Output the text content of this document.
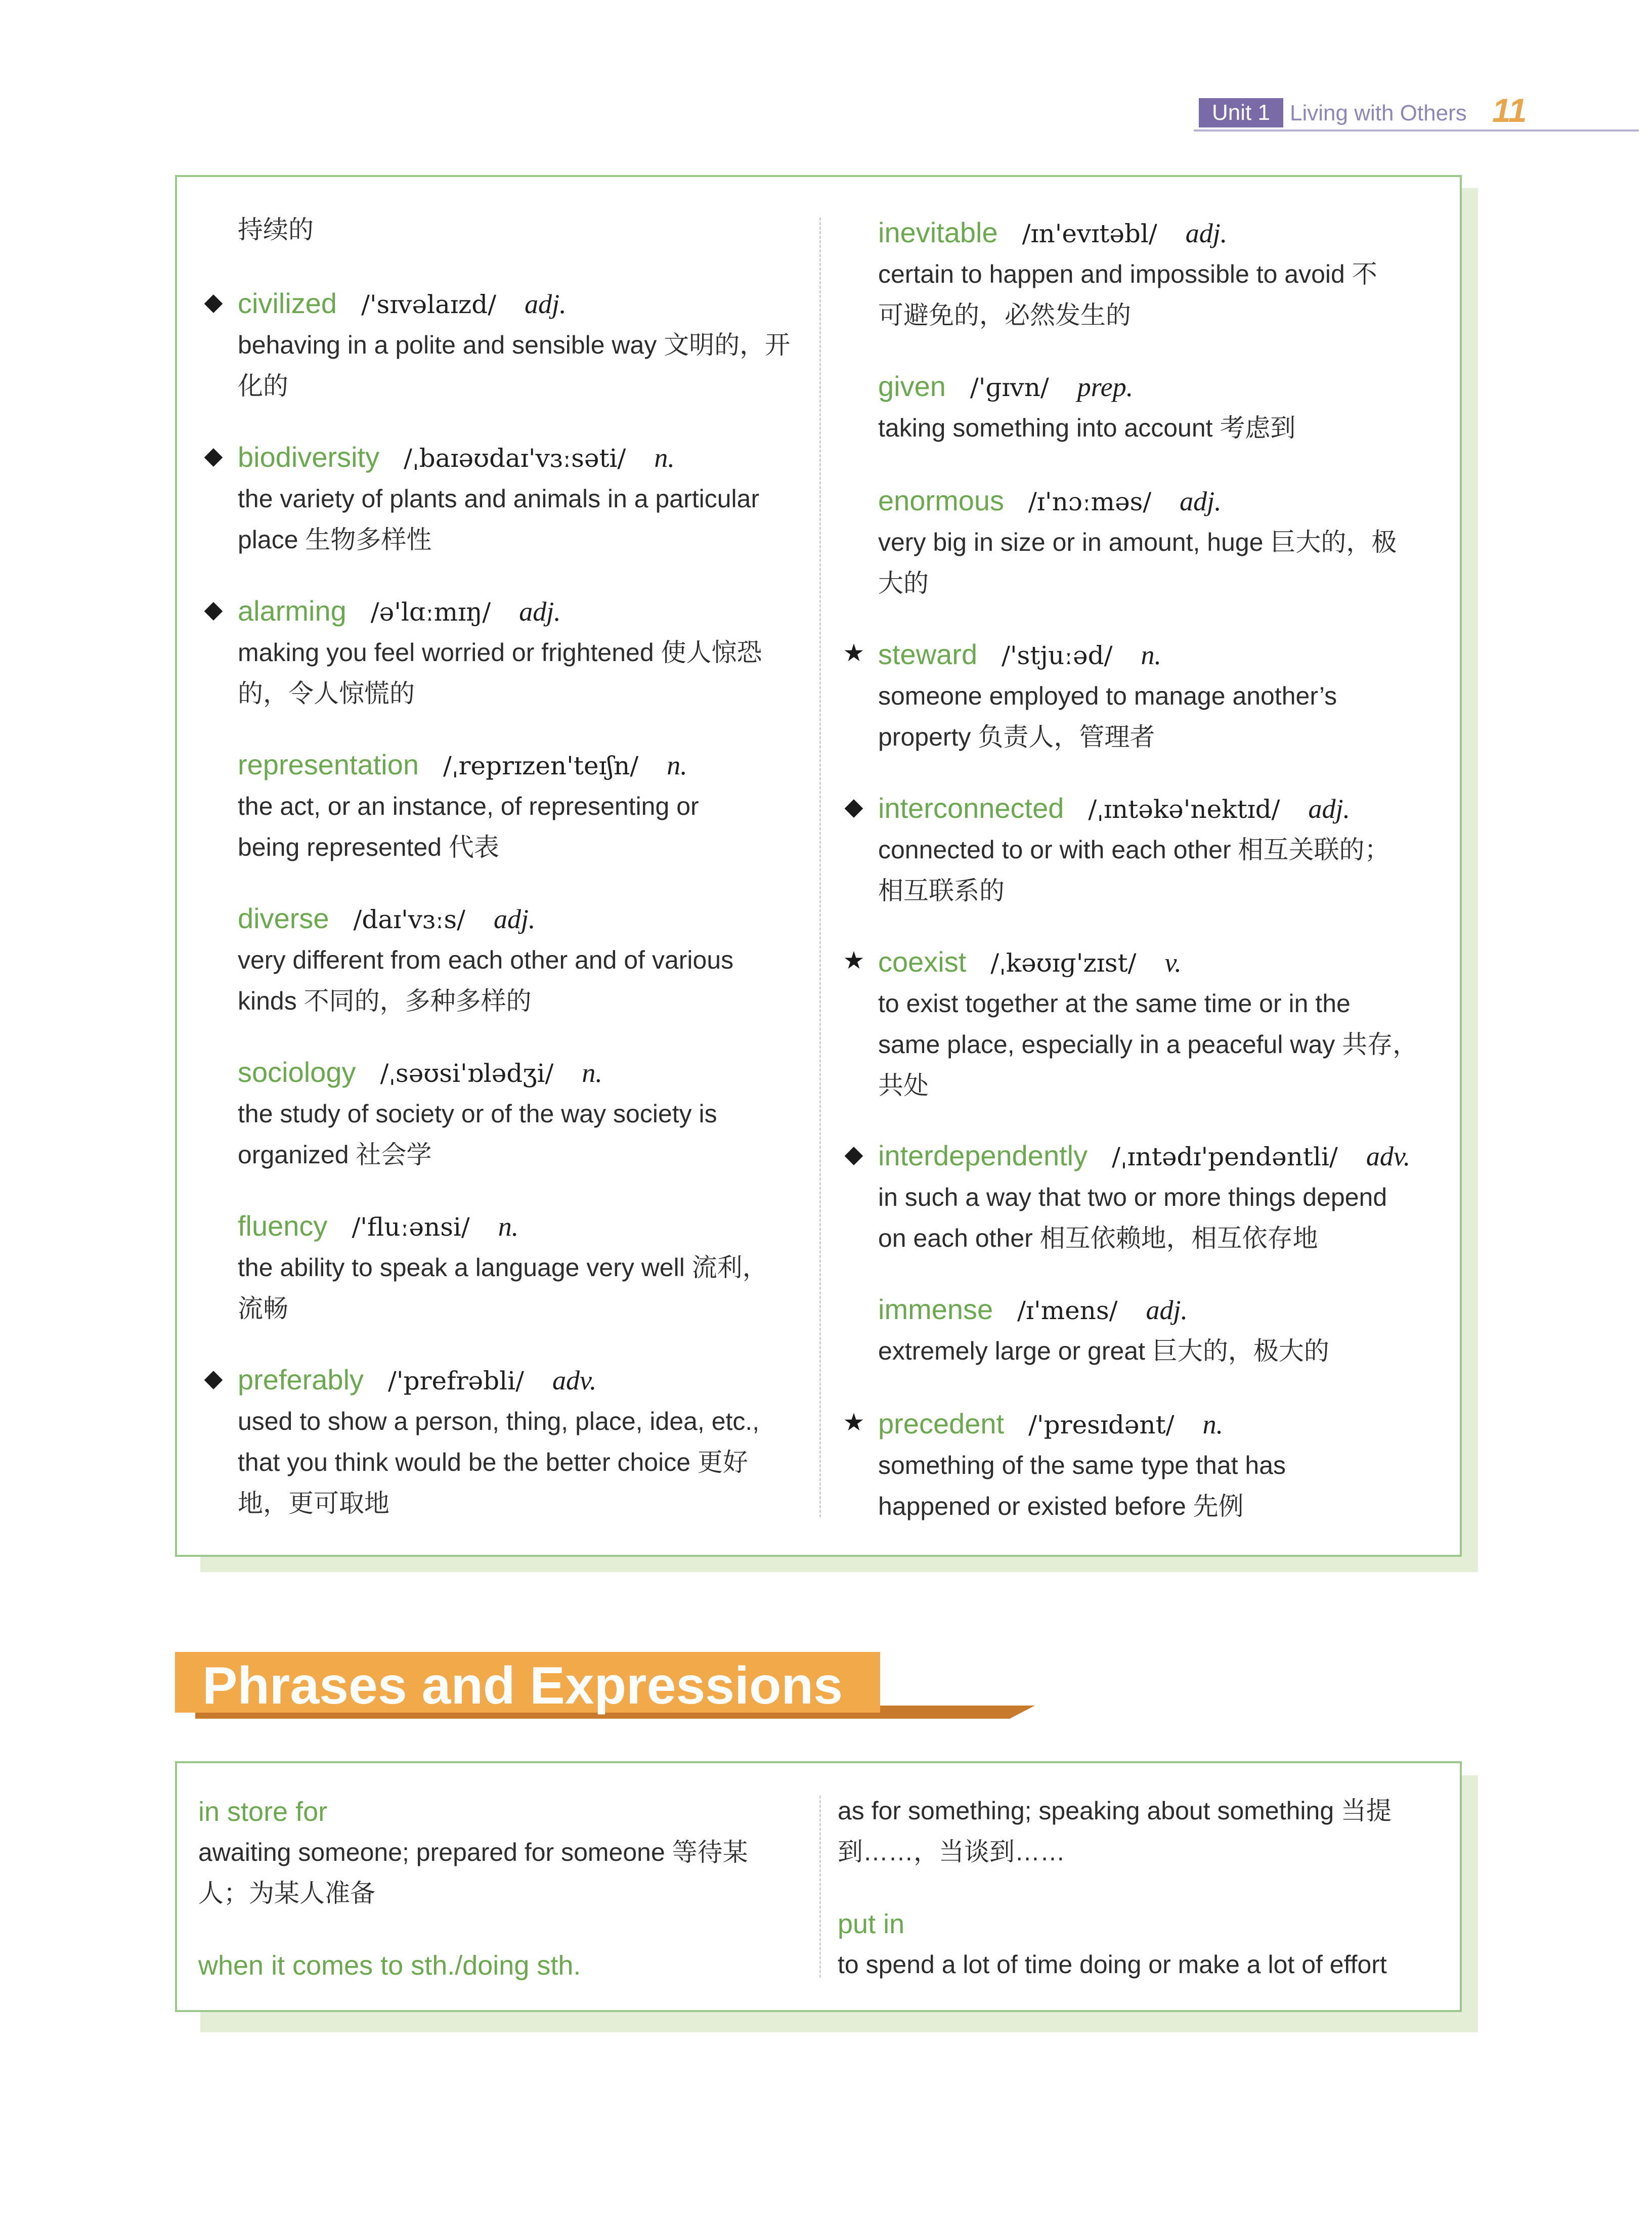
Unit 1 Living with Others 11
持续的
◆ civilized /'sɪvəlaɪzd/ adj.
behaving in a polite and sensible way 文明的，开
化的
◆ biodiversity /ˌbaɪəʊdaɪ'vɜːsəti/ n.
the variety of plants and animals in a particular
place 生物多样性
◆ alarming /ə'lɑːmɪŋ/ adj.
making you feel worried or frightened 使人惊恐
的，令人惊慌的
representation /ˌreprɪzen'teɪʃn/ n.
the act, or an instance, of representing or
being represented 代表
diverse /daɪ'vɜːs/ adj.
very different from each other and of various
kinds 不同的，多种多样的
sociology /ˌsəʊsi'ɒlədʒi/ n.
the study of society or of the way society is
organized 社会学
fluency /'fluːənsi/ n.
the ability to speak a language very well 流利，
流畅
◆ preferably /'prefrəbli/ adv.
used to show a person, thing, place, idea, etc.,
that you think would be the better choice 更好
地，更可取地
inevitable /ɪn'evɪtəbl/ adj.
certain to happen and impossible to avoid 不
可避免的，必然发生的
given /'ɡɪvn/ prep.
taking something into account 考虑到
enormous /ɪ'nɔːməs/ adj.
very big in size or in amount, huge 巨大的，极
大的
★ steward /'stjuːəd/ n.
someone employed to manage another’s
property 负责人，管理者
◆ interconnected /ˌɪntəkə'nektɪd/ adj.
connected to or with each other 相互关联的；
相互联系的
★ coexist /ˌkəʊɪɡ'zɪst/ v.
to exist together at the same time or in the
same place, especially in a peaceful way 共存，
共处
◆ interdependently /ˌɪntədɪ'pendəntli/ adv.
in such a way that two or more things depend
on each other 相互依赖地，相互依存地
immense /ɪ'mens/ adj.
extremely large or great 巨大的，极大的
★ precedent /'presɪdənt/ n.
something of the same type that has
happened or existed before 先例
Phrases and Expressions
in store for
awaiting someone; prepared for someone 等待某
人；为某人准备
when it comes to sth./doing sth.
as for something; speaking about something 当提
到……，当谈到……
put in
to spend a lot of time doing or make a lot of effort
